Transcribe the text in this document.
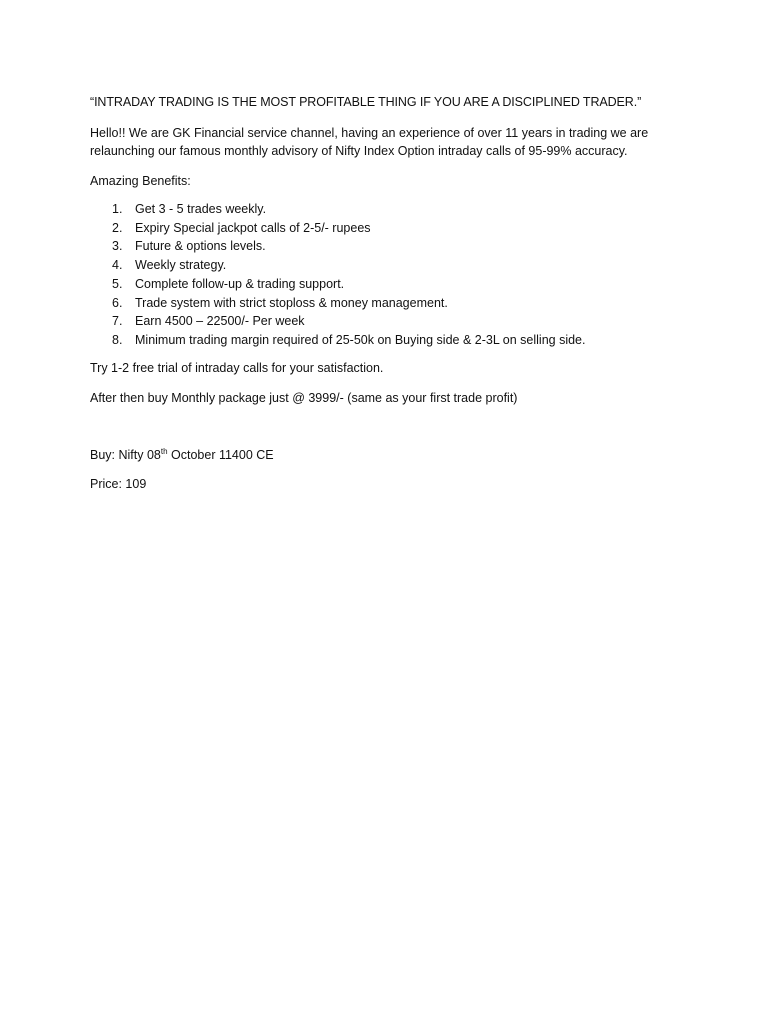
“INTRADAY TRADING IS THE MOST PROFITABLE THING IF YOU ARE A DISCIPLINED TRADER.”

Hello!! We are GK Financial service channel, having an experience of over 11 years in trading we are
relaunching our famous monthly advisory of Nifty Index Option intraday calls of 95-99% accuracy.

Amazing Benefits:

1.	Get 3 - 5 trades weekly.
2.	Expiry Special jackpot calls of 2-5/- rupees
3.	Future & options levels.
4.	Weekly strategy.
5.	Complete follow-up & trading support.
6.	Trade system with strict stoploss & money management.
7.	Earn 4500 – 22500/- Per week
8.	Minimum trading margin required of 25-50k on Buying side & 2-3L on selling side.

Try 1-2 free trial of intraday calls for your satisfaction.

After then buy Monthly package just @ 3999/- (same as your first trade profit)

Buy: Nifty 08th October 11400 CE

Price: 109
